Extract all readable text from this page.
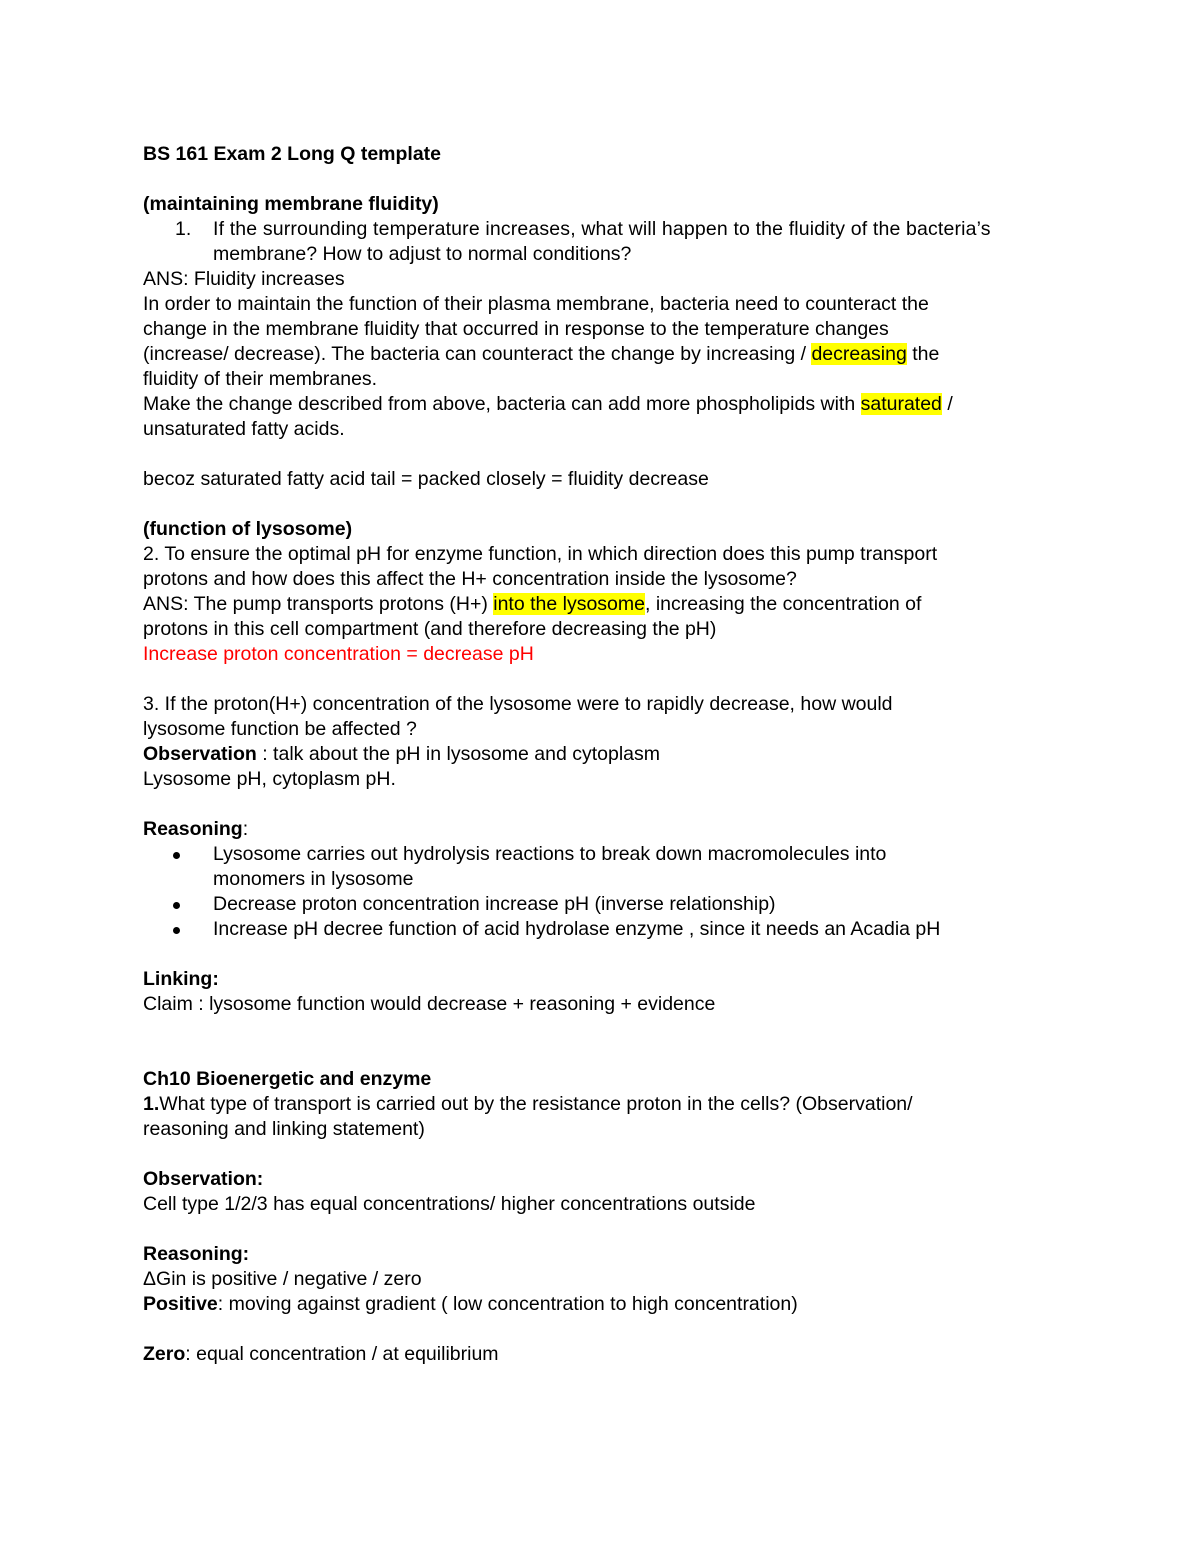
BS 161 Exam 2 Long Q template

(maintaining membrane fluidity)

1. If the surrounding temperature increases, what will happen to the fluidity of the bacteria’s

membrane? How to adjust to normal conditions?

ANS: Fluidity increases

In order to maintain the function of their plasma membrane, bacteria need to counteract the

change in the membrane fluidity that occurred in response to the temperature changes

(increase/ decrease). The bacteria can counteract the change by increasing / decreasing the

fluidity of their membranes.

Make the change described from above, bacteria can add more phospholipids with saturated /

unsaturated fatty acids.

becoz saturated fatty acid tail = packed closely = fluidity decrease

(function of lysosome)

2. To ensure the optimal pH for enzyme function, in which direction does this pump transport

protons and how does this affect the H+ concentration inside the lysosome?

ANS: The pump transports protons (H+) into the lysosome, increasing the concentration of

protons in this cell compartment (and therefore decreasing the pH)

Increase proton concentration = decrease pH

3. If the proton(H+) concentration of the lysosome were to rapidly decrease, how would

lysosome function be affected ?

Observation : talk about the pH in lysosome and cytoplasm

Lysosome pH, cytoplasm pH.

Reasoning:

Lysosome carries out hydrolysis reactions to break down macromolecules into

monomers in lysosome

Decrease proton concentration increase pH (inverse relationship)

Increase pH decree function of acid hydrolase enzyme , since it needs an Acadia pH

Linking:

Claim : lysosome function would decrease + reasoning + evidence

Ch10 Bioenergetic and enzyme

1.What type of transport is carried out by the resistance proton in the cells? (Observation/

reasoning and linking statement)

Observation:

Cell type 1/2/3 has equal concentrations/ higher concentrations outside

Reasoning:

ΔGin is positive / negative / zero

Positive: moving against gradient ( low concentration to high concentration)

Zero: equal concentration / at equilibrium
